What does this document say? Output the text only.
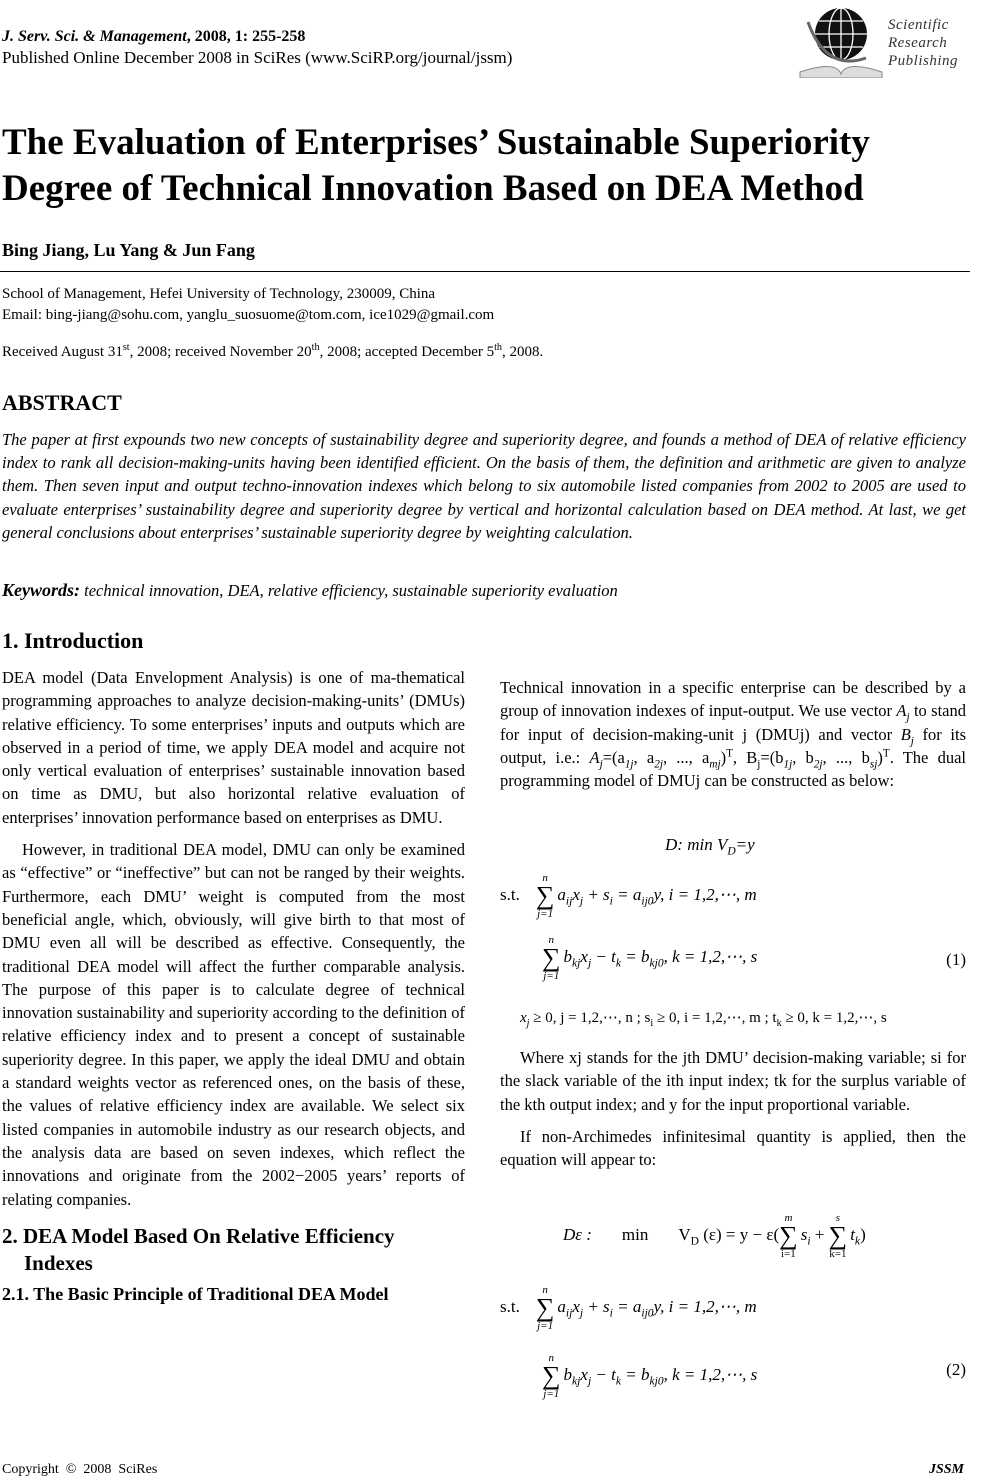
J. Serv. Sci. & Management, 2008, 1: 255-258
Published Online December 2008 in SciRes (www.SciRP.org/journal/jssm)
Scientific
Research
Publishing
The Evaluation of Enterprises’ Sustainable Superiority Degree of Technical Innovation Based on DEA Method
Bing Jiang, Lu Yang & Jun Fang
School of Management, Hefei University of Technology, 230009, China
Email: bing-jiang@sohu.com, yanglu_suosuome@tom.com, ice1029@gmail.com
Received August 31st, 2008; received November 20th, 2008; accepted December 5th, 2008.
ABSTRACT
The paper at first expounds two new concepts of sustainability degree and superiority degree, and founds a method of DEA of relative efficiency index to rank all decision-making-units having been identified efficient. On the basis of them, the definition and arithmetic are given to analyze them. Then seven input and output techno-innovation indexes which belong to six automobile listed companies from 2002 to 2005 are used to evaluate enterprises’ sustainability degree and superiority degree by vertical and horizontal calculation based on DEA method. At last, we get general conclusions about enterprises’ sustainable superiority degree by weighting calculation.
Keywords: technical innovation, DEA, relative efficiency, sustainable superiority evaluation
1. Introduction

DEA model (Data Envelopment Analysis) is one of ma-thematical programming approaches to analyze decision-making-units’ (DMUs) relative efficiency. To some enterprises’ inputs and outputs which are observed in a period of time, we apply DEA model and acquire not only vertical evaluation of enterprises’ sustainable innovation based on time as DMU, but also horizontal relative evaluation of enterprises’ innovation performance based on enterprises as DMU.

However, in traditional DEA model, DMU can only be examined as “effective” or “ineffective” but can not be ranged by their weights. Furthermore, each DMU’ weight is computed from the most beneficial angle, which, obviously, will give birth to that most of DMU even all will be described as effective. Consequently, the traditional DEA model will affect the further comparable analysis. The purpose of this paper is to calculate degree of technical innovation sustainability and superiority according to the definition of relative efficiency index and to present a concept of sustainable superiority degree. In this paper, we apply the ideal DMU and obtain a standard weights vector as referenced ones, on the basis of these, the values of relative efficiency index are available. We select six listed companies in automobile industry as our research objects, and the analysis data are based on seven indexes, which reflect the innovations and originate from the 2002−2005 years’ reports of relating companies.

2. DEA Model Based On Relative Efficiency Indexes
2.1. The Basic Principle of Traditional DEA Model

Technical innovation in a specific enterprise can be described by a group of innovation indexes of input-output. We use vector $A_j$ to stand for input of decision-making-unit j (DMUj) and vector $B_j$ for its output, i.e.: $A_j=(a_{1j}$, $a_{2j}$, ..., $a_{mj})^T$, $B_j=(b_{1j}$, $b_{2j}$, ..., $b_{sj})^T$. The dual programming model of DMUj can be constructed as below:

D: $\min V_D=y$
s.t.
n
∑
j=1
$a_{ij}x_j + s_i = a_{ij0}y$, i = 1,2,⋯, m
n
∑
j=1
$b_{kj}x_j - t_k = b_{kj0}$, k = 1,2,⋯, s	(1)
$x_j \ge 0$, j = 1,2,⋯, n ; $s_i \ge 0$, i = 1,2,⋯, m ; $t_k \ge 0$, k = 1,2,⋯, s

Where xj stands for the jth DMU’ decision-making variable; si for the slack variable of the ith input index; tk for the surplus variable of the kth output index; and y for the input proportional variable.

If non-Archimedes infinitesimal quantity is applied, then the equation will appear to:

Dε : $\min V_D$ (ε) = y − ε(
m
∑
i=1
$s_i$ +
s
∑
k=1
$t_k$)
s.t.
n
∑
j=1
$a_{ij}x_j + s_i = a_{ij0}y$, i = 1,2,⋯, m
n
∑
j=1
$b_{kj}x_j - t_k = b_{kj0}$, k = 1,2,⋯, s	(2)
Copyright  ©  2008  SciRes	JSSM
